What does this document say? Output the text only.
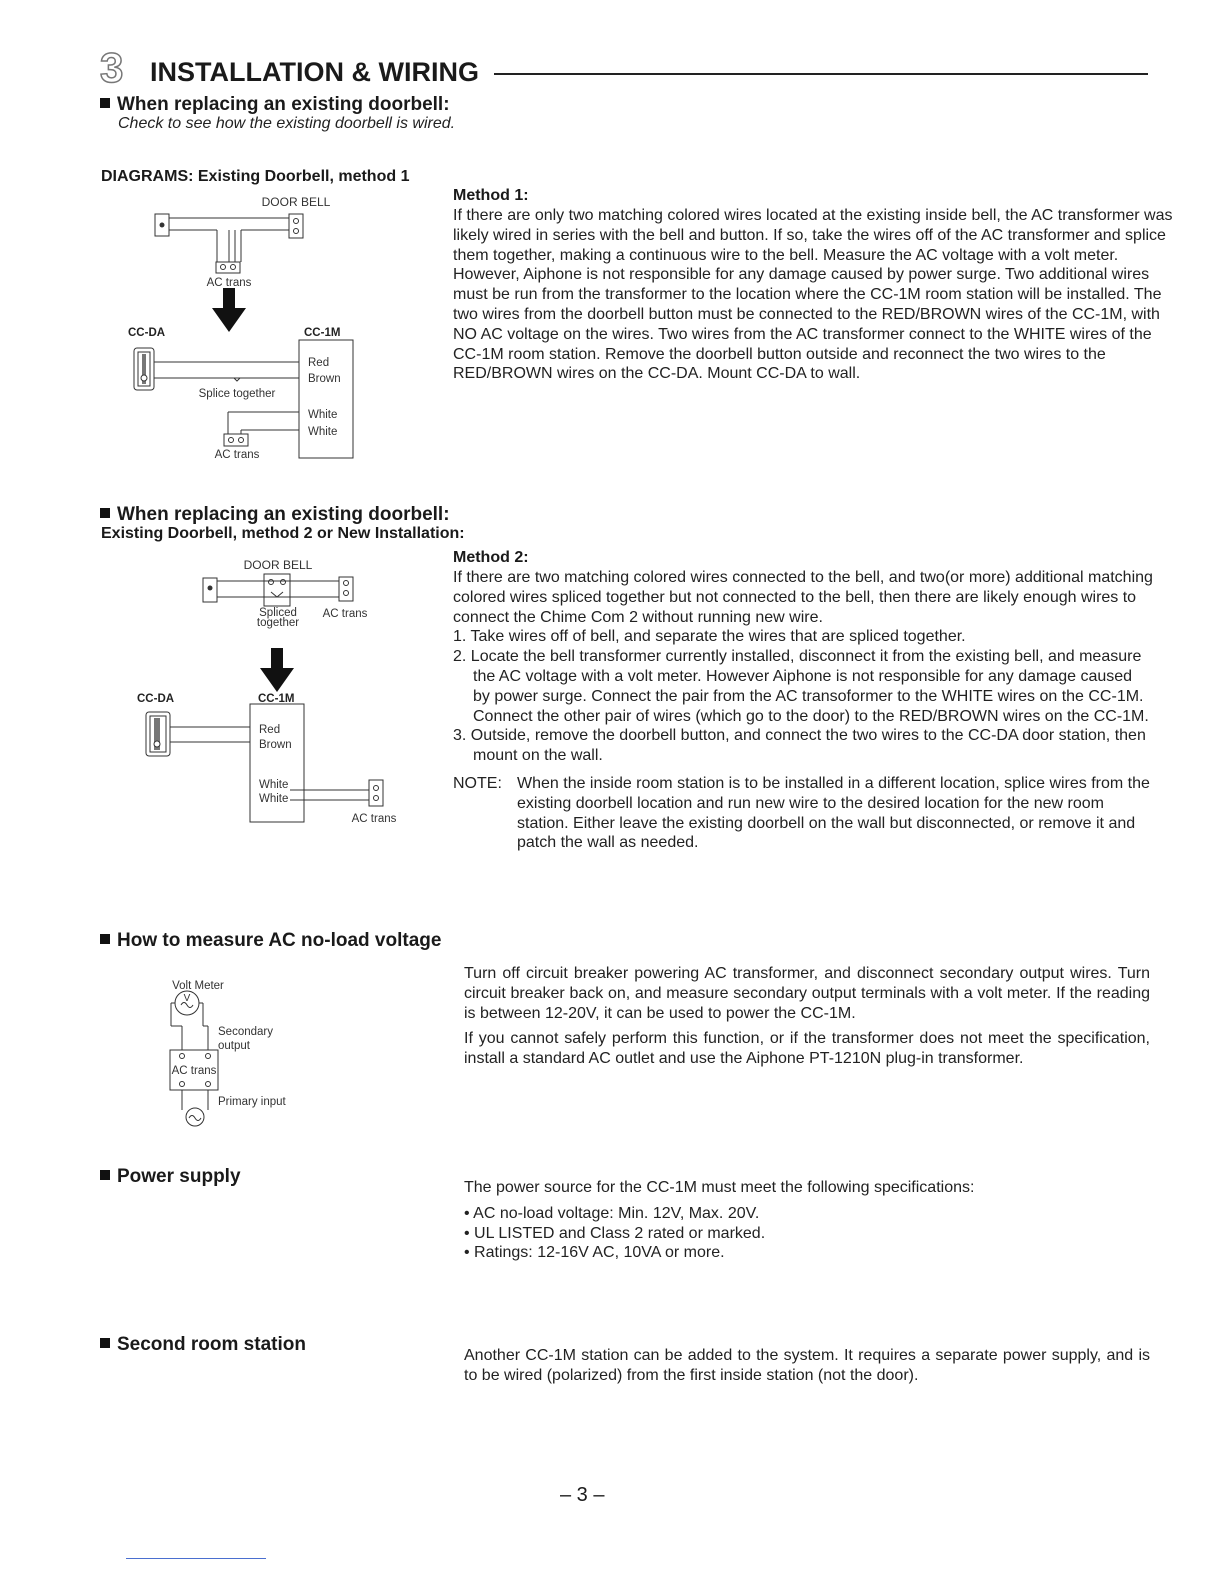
3 INSTALLATION & WIRING
When replacing an existing doorbell:
Check to see how the existing doorbell is wired.
DIAGRAMS: Existing Doorbell, method 1
DOOR BELL
AC trans
CC-DA	CC-1M
Red
Brown
Splice together
White
White
AC trans
Method 1:
If there are only two matching colored wires located at the existing inside bell, the AC transformer was likely wired in series with the bell and button. If so, take the wires off of the AC transformer and splice them together, making a continuous wire to the bell. Measure the AC voltage with a volt meter. However, Aiphone is not responsible for any damage caused by power surge. Two additional wires must be run from the transformer to the location where the CC-1M room station will be installed. The two wires from the doorbell button must be connected to the RED/BROWN wires of the CC-1M, with NO AC voltage on the wires. Two wires from the AC transformer connect to the WHITE wires of the CC-1M room station. Remove the doorbell button outside and reconnect the two wires to the RED/BROWN wires on the CC-DA. Mount CC-DA to wall.
When replacing an existing doorbell:
Existing Doorbell, method 2 or New Installation:
DOOR BELL
Spliced
together
AC trans
CC-DA	CC-1M
Red
Brown
White
White
AC trans
Method 2:
If there are two matching colored wires connected to the bell, and two(or more) additional matching colored wires spliced together but not connected to the bell, then there are likely enough wires to connect the Chime Com 2 without running new wire.
1. Take wires off of bell, and separate the wires that are spliced together.
2. Locate the bell transformer currently installed, disconnect it from the existing bell, and measure the AC voltage with a volt meter. However Aiphone is not responsible for any damage caused by power surge. Connect the pair from the AC transoformer to the WHITE wires on the CC-1M. Connect the other pair of wires (which go to the door) to the RED/BROWN wires on the CC-1M.
3. Outside, remove the doorbell button, and connect the two wires to the CC-DA door station, then mount on the wall.
NOTE: When the inside room station is to be installed in a different location, splice wires from the existing doorbell location and run new wire to the desired location for the new room station. Either leave the existing doorbell on the wall but disconnected, or remove it and patch the wall as needed.
How to measure AC no-load voltage
Volt Meter
V
Secondary
output
AC trans
Primary input

Turn off circuit breaker powering AC transformer, and disconnect secondary output wires. Turn circuit breaker back on, and measure secondary output terminals with a volt meter. If the reading is between 12-20V, it can be used to power the CC-1M.

If you cannot safely perform this function, or if the transformer does not meet the specification, install a standard AC outlet and use the Aiphone PT-1210N plug-in transformer.

Power supply

The power source for the CC-1M must meet the following specifications:

• AC no-load voltage: Min. 12V, Max. 20V.
• UL LISTED and Class 2 rated or marked.
• Ratings: 12-16V AC, 10VA or more.
Second room station
Another CC-1M station can be added to the system. It requires a separate power supply, and is to be wired (polarized) from the first inside station (not the door).
– 3 –
